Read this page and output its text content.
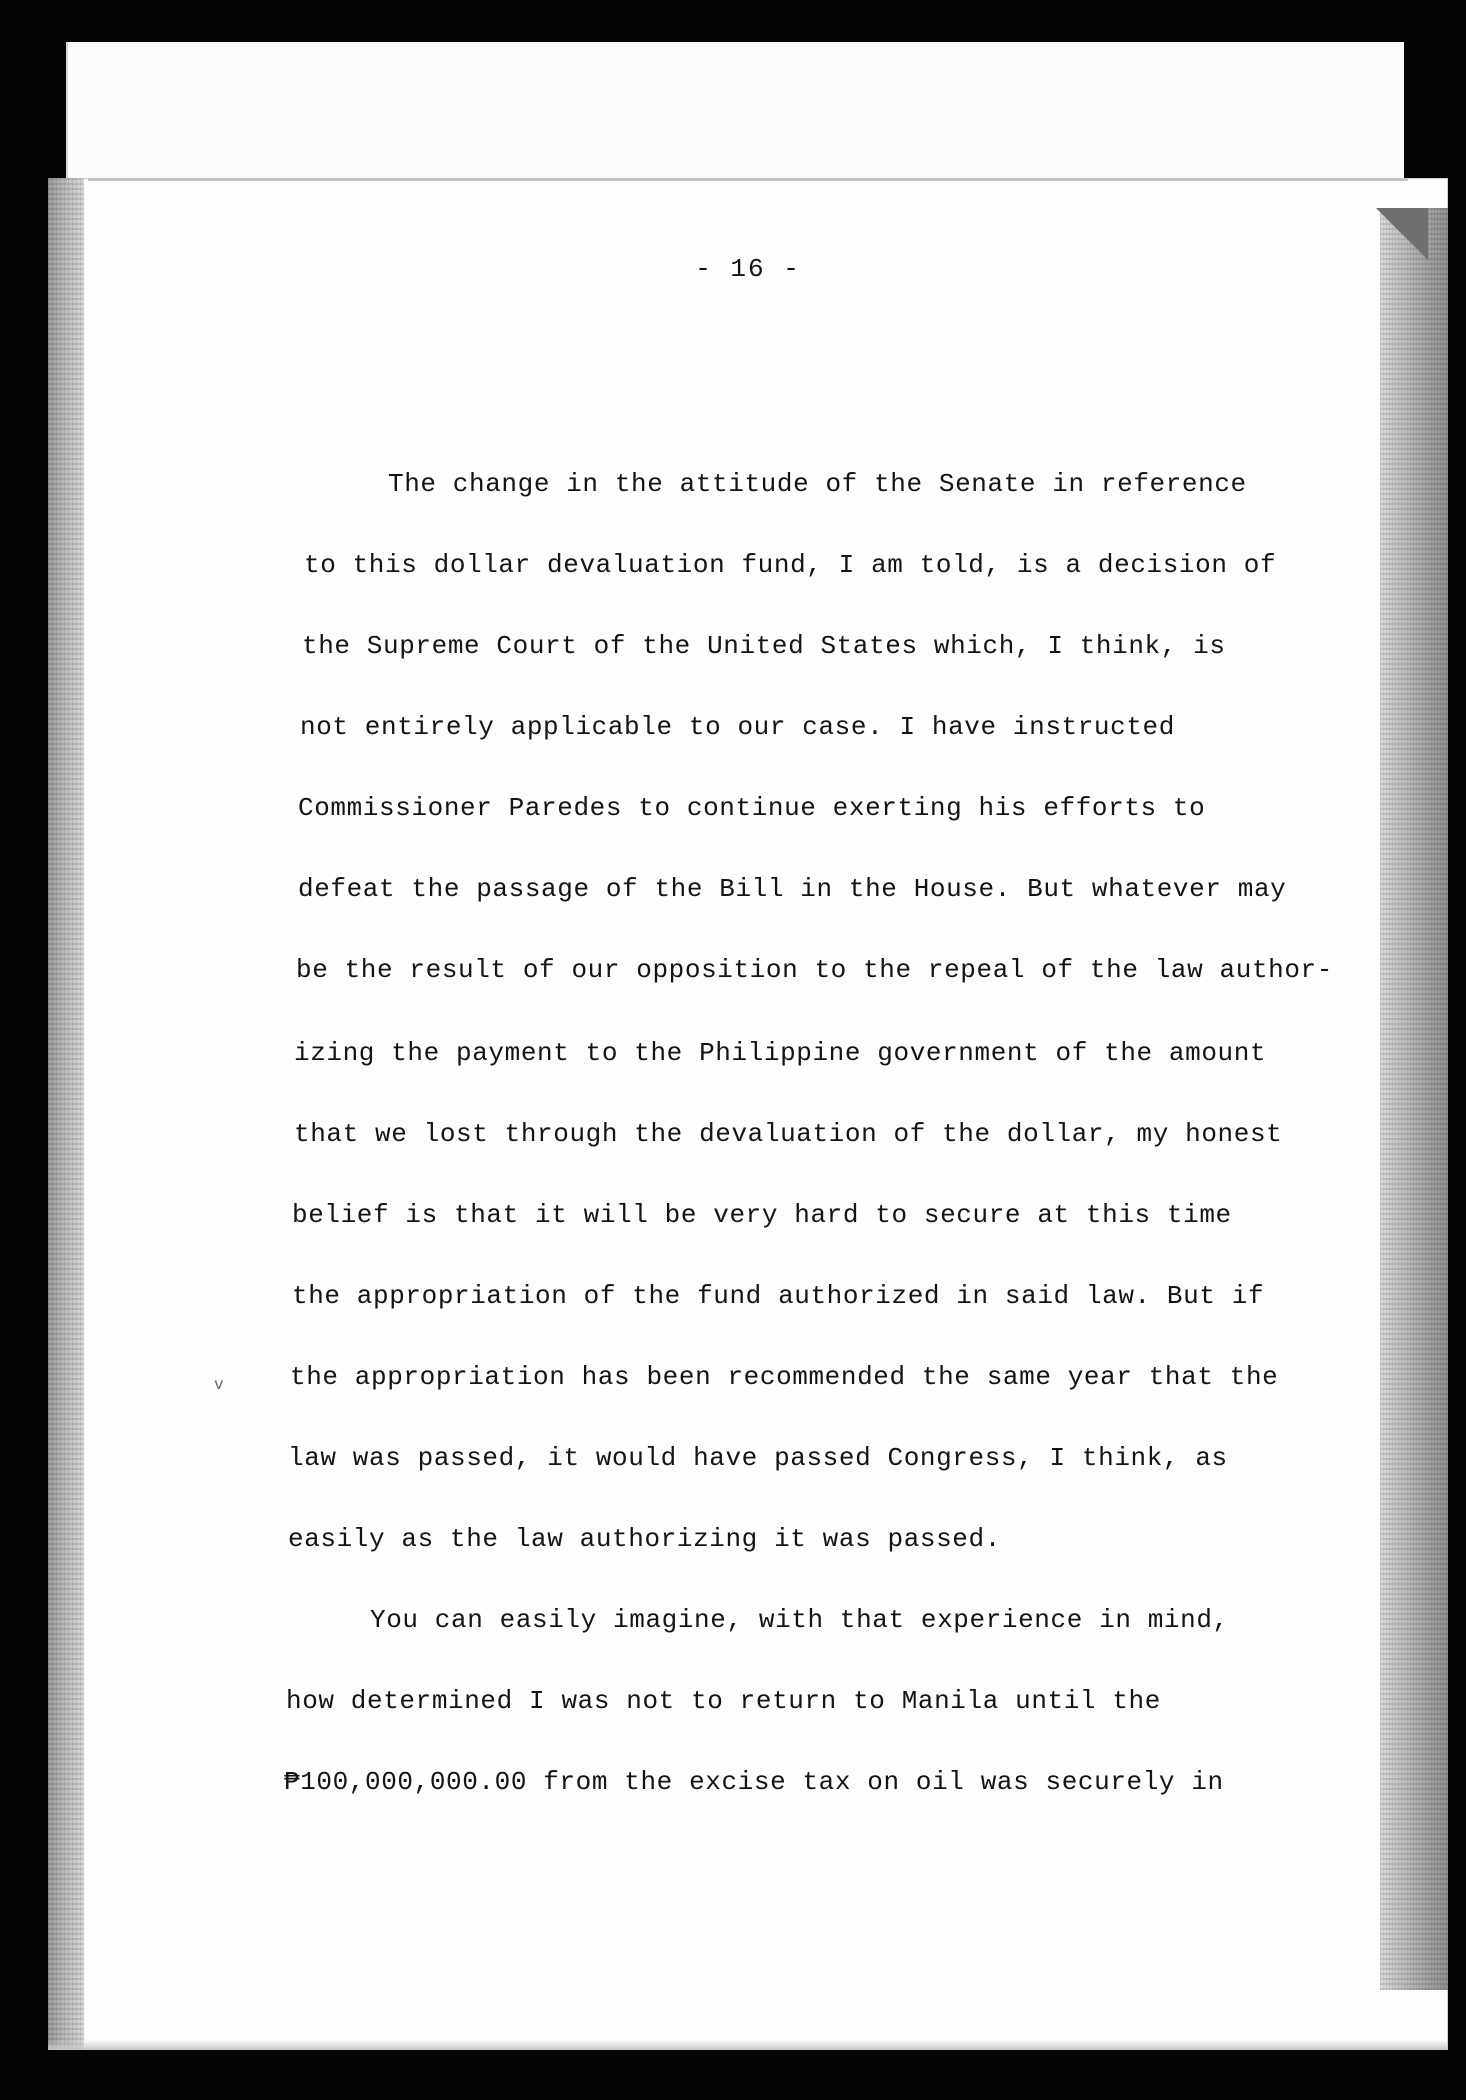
- 16 -
The change in the attitude of the Senate in reference
to this dollar devaluation fund, I am told, is a decision of
the Supreme Court of the United States which, I think, is
not entirely applicable to our case. I have instructed
Commissioner Paredes to continue exerting his efforts to
defeat the passage of the Bill in the House. But whatever may
be the result of our opposition to the repeal of the law author-
izing the payment to the Philippine government of the amount
that we lost through the devaluation of the dollar, my honest
belief is that it will be very hard to secure at this time
the appropriation of the fund authorized in said law. But if
the appropriation has been recommended the same year that the
law was passed, it would have passed Congress, I think, as
easily as the law authorizing it was passed.
You can easily imagine, with that experience in mind,
how determined I was not to return to Manila until the
₱100,000,000.00 from the excise tax on oil was securely in
v
